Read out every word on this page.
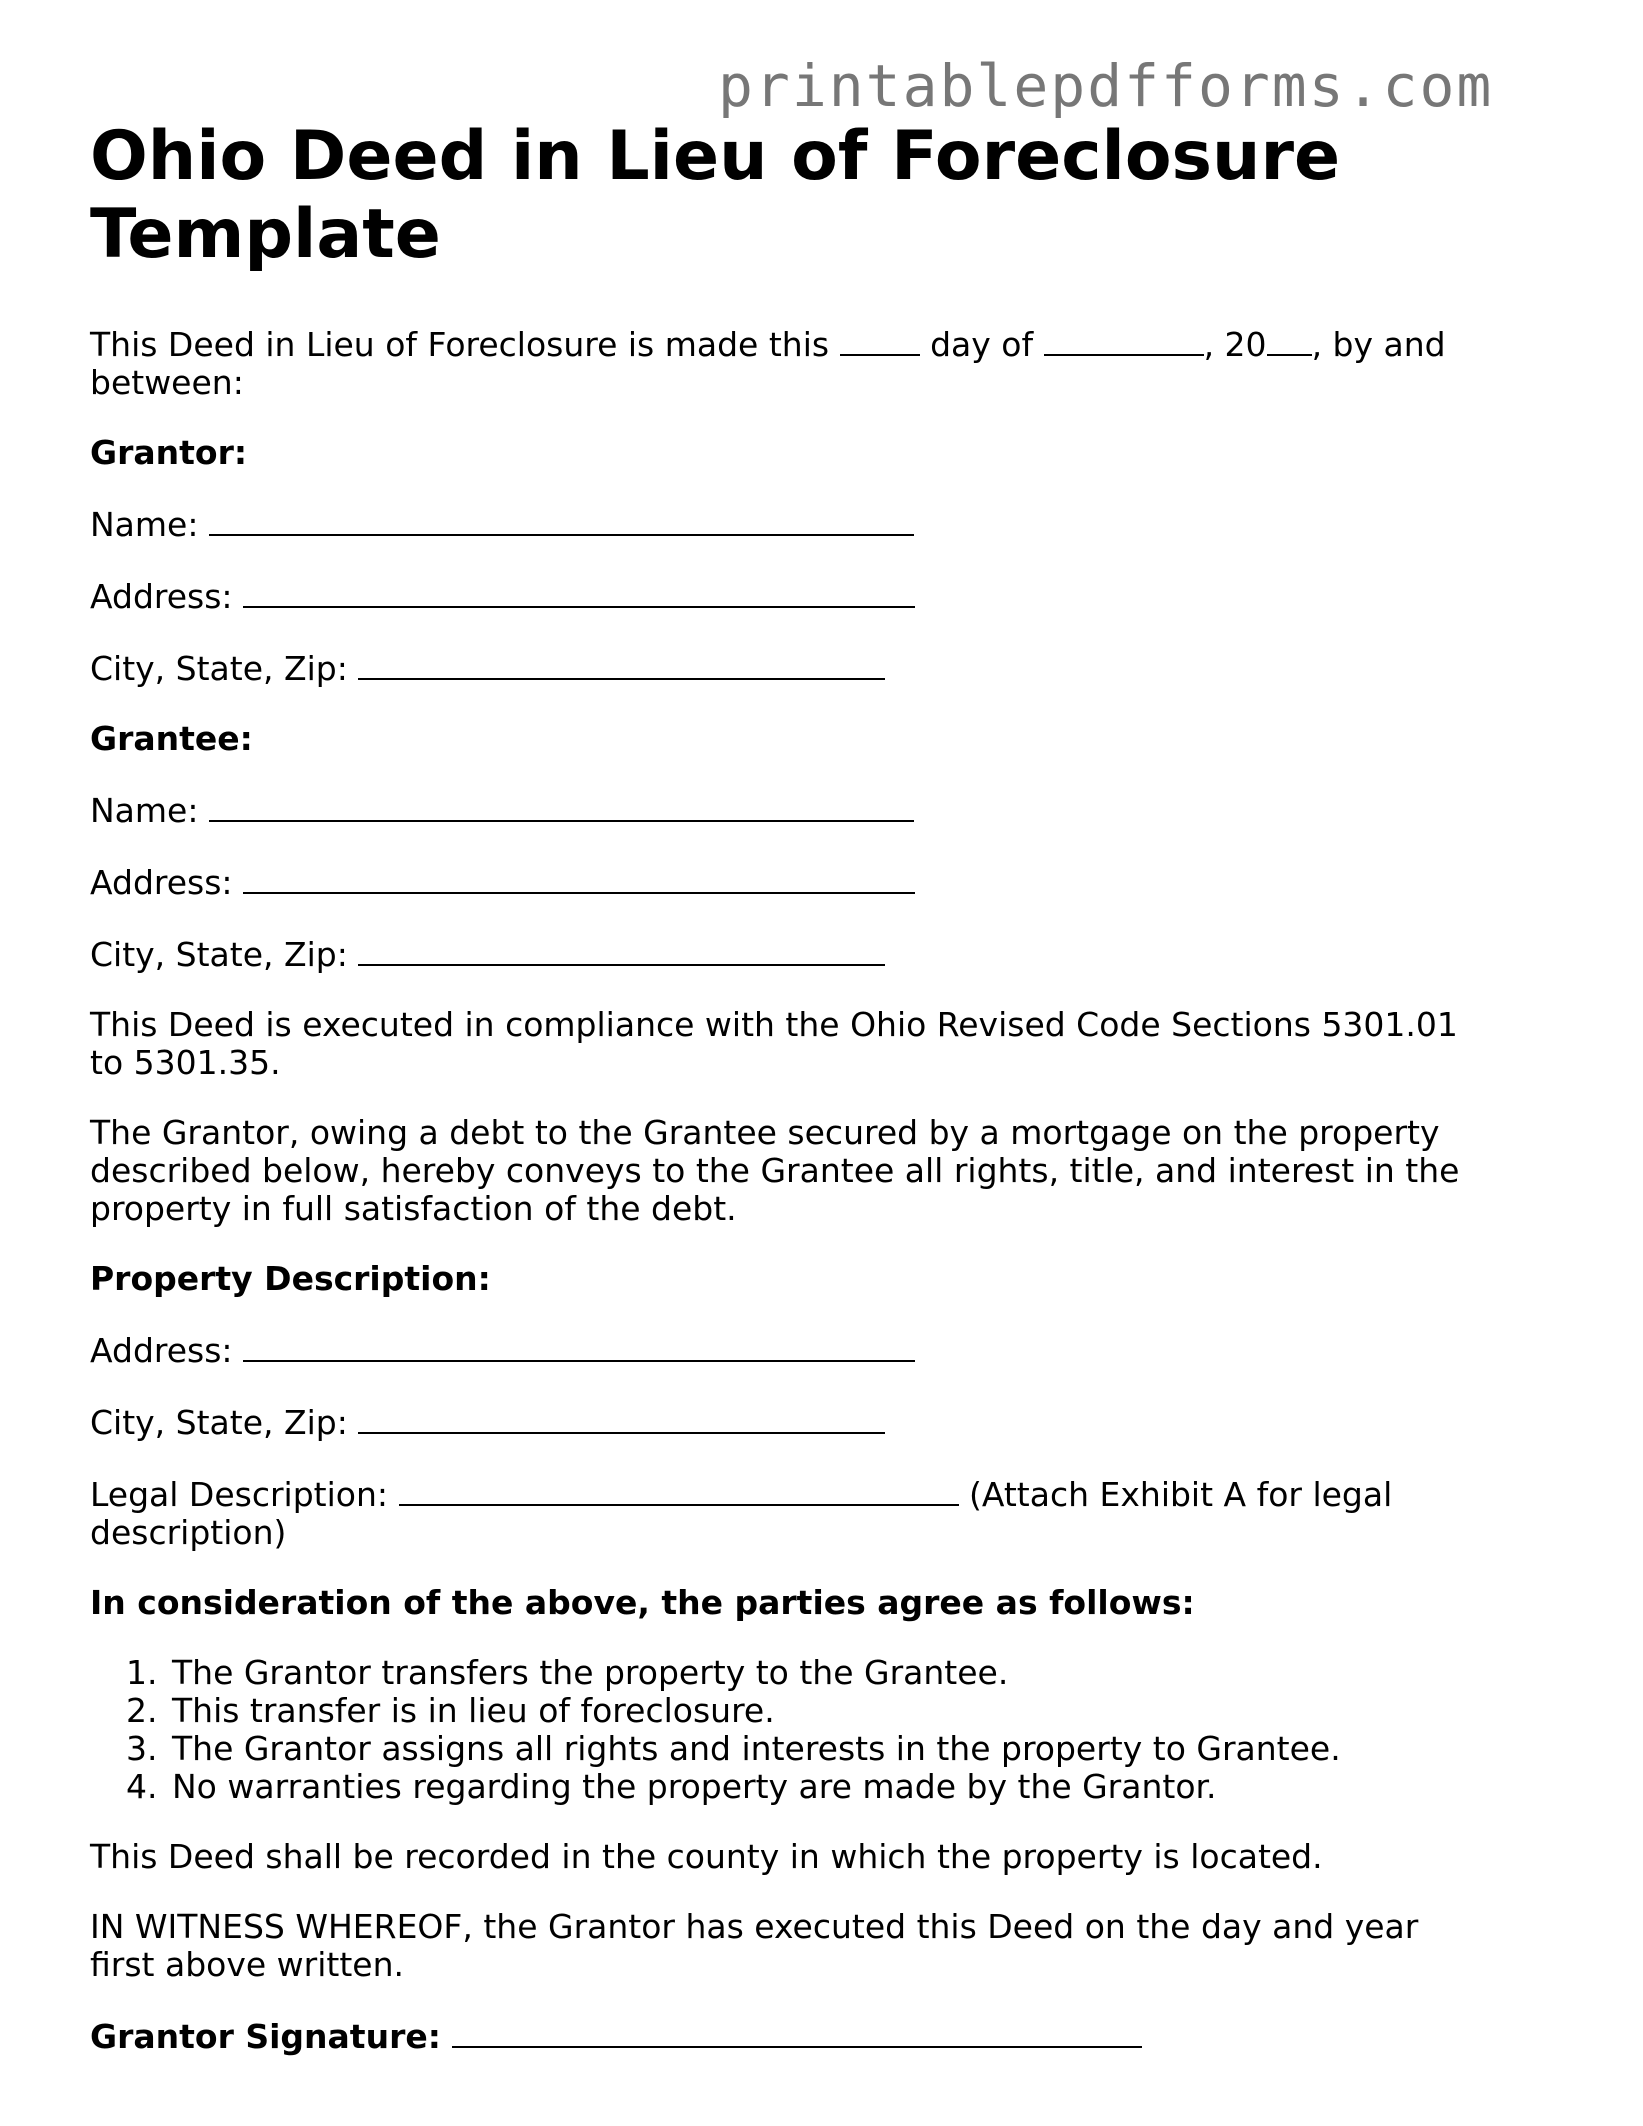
printablepdfforms.com
Ohio Deed in Lieu of Foreclosure Template

This Deed in Lieu of Foreclosure is made this	day of	, 20 , by and between:

Grantor:

Name:

Address:

City, State, Zip:

Grantee:

Name:

Address:

City, State, Zip:

This Deed is executed in compliance with the Ohio Revised Code Sections 5301.01 to 5301.35.

The Grantor, owing a debt to the Grantee secured by a mortgage on the property described below, hereby conveys to the Grantee all rights, title, and interest in the property in full satisfaction of the debt.

Property Description:

Address:

City, State, Zip:

Legal Description:	(Attach Exhibit A for legal description)

In consideration of the above, the parties agree as follows:

1. The Grantor transfers the property to the Grantee.
2. This transfer is in lieu of foreclosure.
3. The Grantor assigns all rights and interests in the property to Grantee.
4. No warranties regarding the property are made by the Grantor.

This Deed shall be recorded in the county in which the property is located.

IN WITNESS WHEREOF, the Grantor has executed this Deed on the day and year first above written.

Grantor Signature:
